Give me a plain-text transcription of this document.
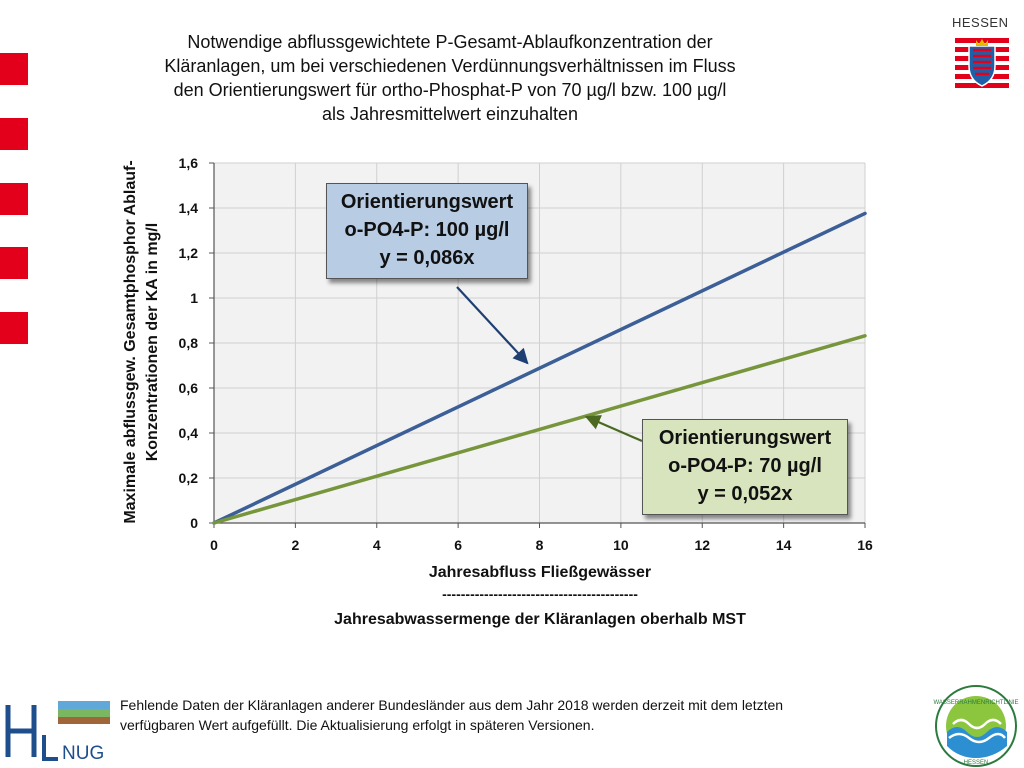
Notwendige abflussgewichtete P-Gesamt-Ablaufkonzentration der
Kläranlagen, um bei verschiedenen Verdünnungsverhältnissen im Fluss
den Orientierungswert für ortho-Phosphat-P von 70 µg/l bzw. 100 µg/l
als Jahresmittelwert einzuhalten
HESSEN
0	2	4	6	8	10	12	14	16
0
0,2
0,4
0,6
0,8
1
1,2
1,4
1,6
Jahresabfluss Fließgewässer
------------------------------------------
Jahresabwassermenge der Kläranlagen oberhalb MST
Maximale abflussgew. Gesamtphosphor Ablauf- Konzentrationen der KA in mg/l
Orientierungswert
o-PO4-P: 100 µg/l
y = 0,086x
Orientierungswert
o-PO4-P: 70 µg/l
y = 0,052x
NUG
Fehlende Daten der Kläranlagen anderer Bundesländer aus dem Jahr 2018 werden derzeit mit dem letzten
verfügbaren Wert aufgefüllt. Die Aktualisierung erfolgt in späteren Versionen.
WASSERRAHMENRICHTLINIE
HESSEN
